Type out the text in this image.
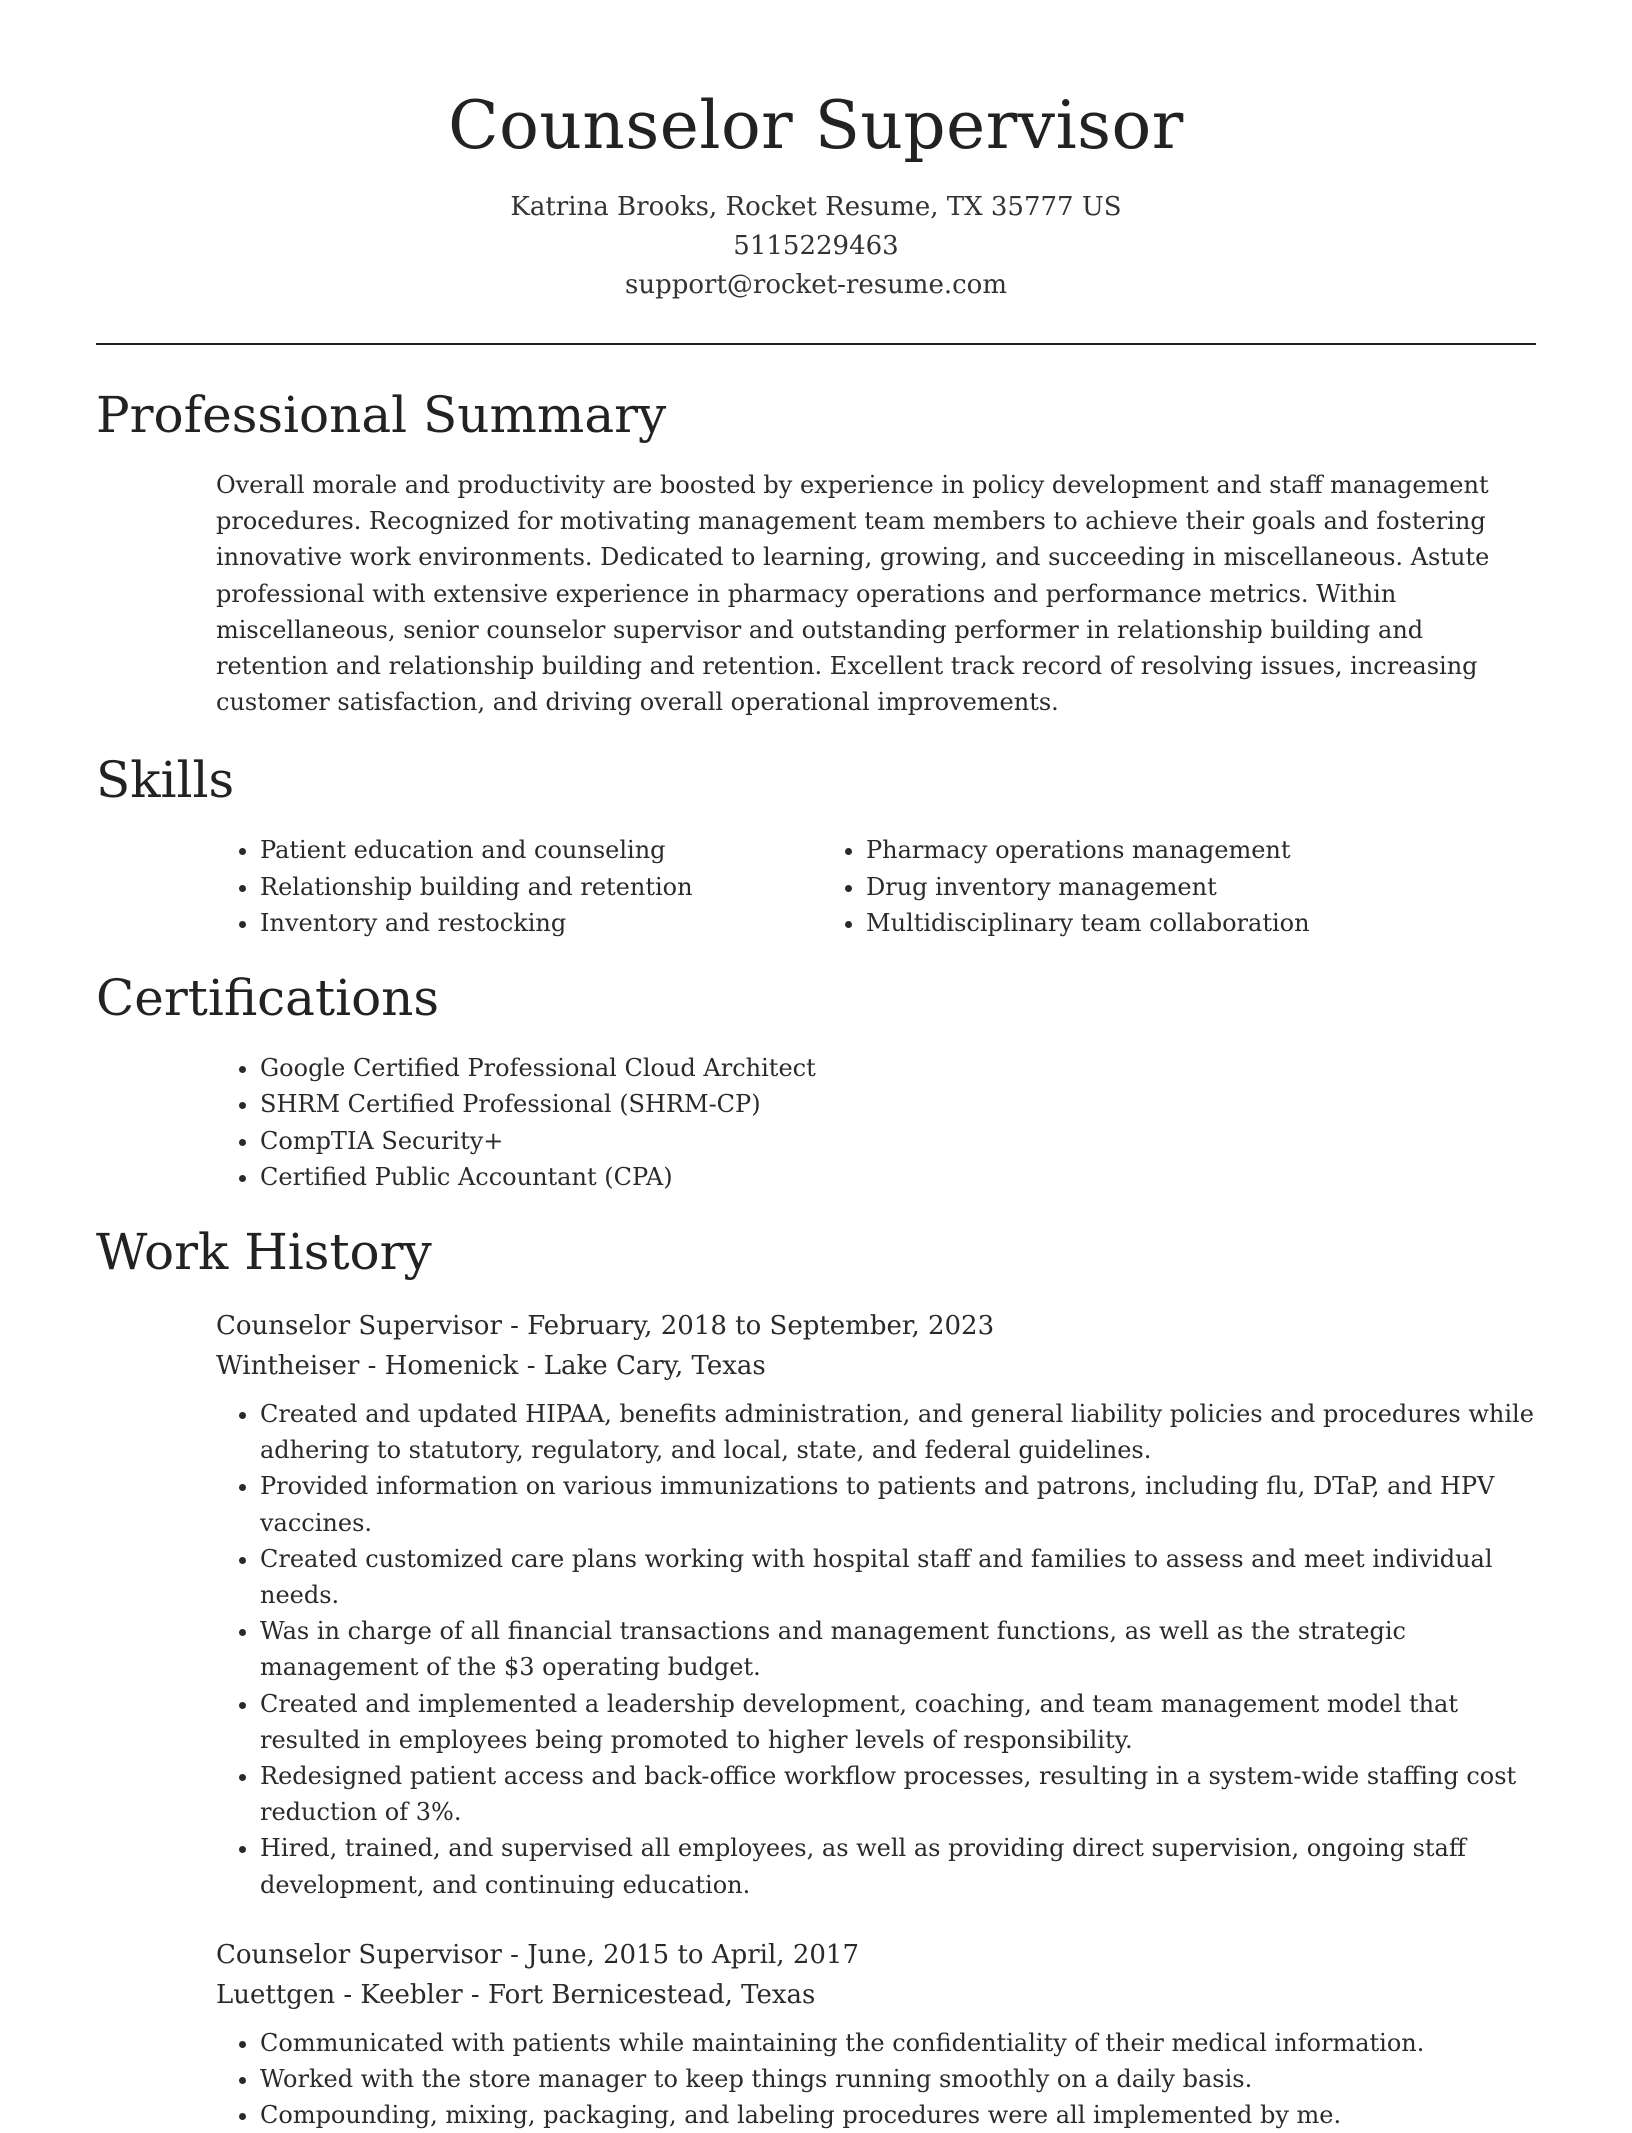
Counselor Supervisor
Katrina Brooks, Rocket Resume, TX 35777 US
5115229463
support@rocket-resume.com
Professional Summary

Overall morale and productivity are boosted by experience in policy development and staff management procedures. Recognized for motivating management team members to achieve their goals and fostering innovative work environments. Dedicated to learning, growing, and succeeding in miscellaneous. Astute professional with extensive experience in pharmacy operations and performance metrics. Within miscellaneous, senior counselor supervisor and outstanding performer in relationship building and retention and relationship building and retention. Excellent track record of resolving issues, increasing customer satisfaction, and driving overall operational improvements.

Skills
• Patient education and counseling
• Relationship building and retention
• Inventory and restocking
• Pharmacy operations management
• Drug inventory management
• Multidisciplinary team collaboration
Certifications
• Google Certified Professional Cloud Architect
• SHRM Certified Professional (SHRM-CP)
• CompTIA Security+
• Certified Public Accountant (CPA)
Work History
Counselor Supervisor - February, 2018 to September, 2023
Wintheiser - Homenick - Lake Cary, Texas
• Created and updated HIPAA, benefits administration, and general liability policies and procedures while adhering to statutory, regulatory, and local, state, and federal guidelines.
• Provided information on various immunizations to patients and patrons, including flu, DTaP, and HPV vaccines.
• Created customized care plans working with hospital staff and families to assess and meet individual needs.
• Was in charge of all financial transactions and management functions, as well as the strategic management of the $3 operating budget.
• Created and implemented a leadership development, coaching, and team management model that resulted in employees being promoted to higher levels of responsibility.
• Redesigned patient access and back-office workflow processes, resulting in a system-wide staffing cost reduction of 3%.
• Hired, trained, and supervised all employees, as well as providing direct supervision, ongoing staff development, and continuing education.
Counselor Supervisor - June, 2015 to April, 2017
Luettgen - Keebler - Fort Bernicestead, Texas
• Communicated with patients while maintaining the confidentiality of their medical information.
• Worked with the store manager to keep things running smoothly on a daily basis.
• Compounding, mixing, packaging, and labeling procedures were all implemented by me.
